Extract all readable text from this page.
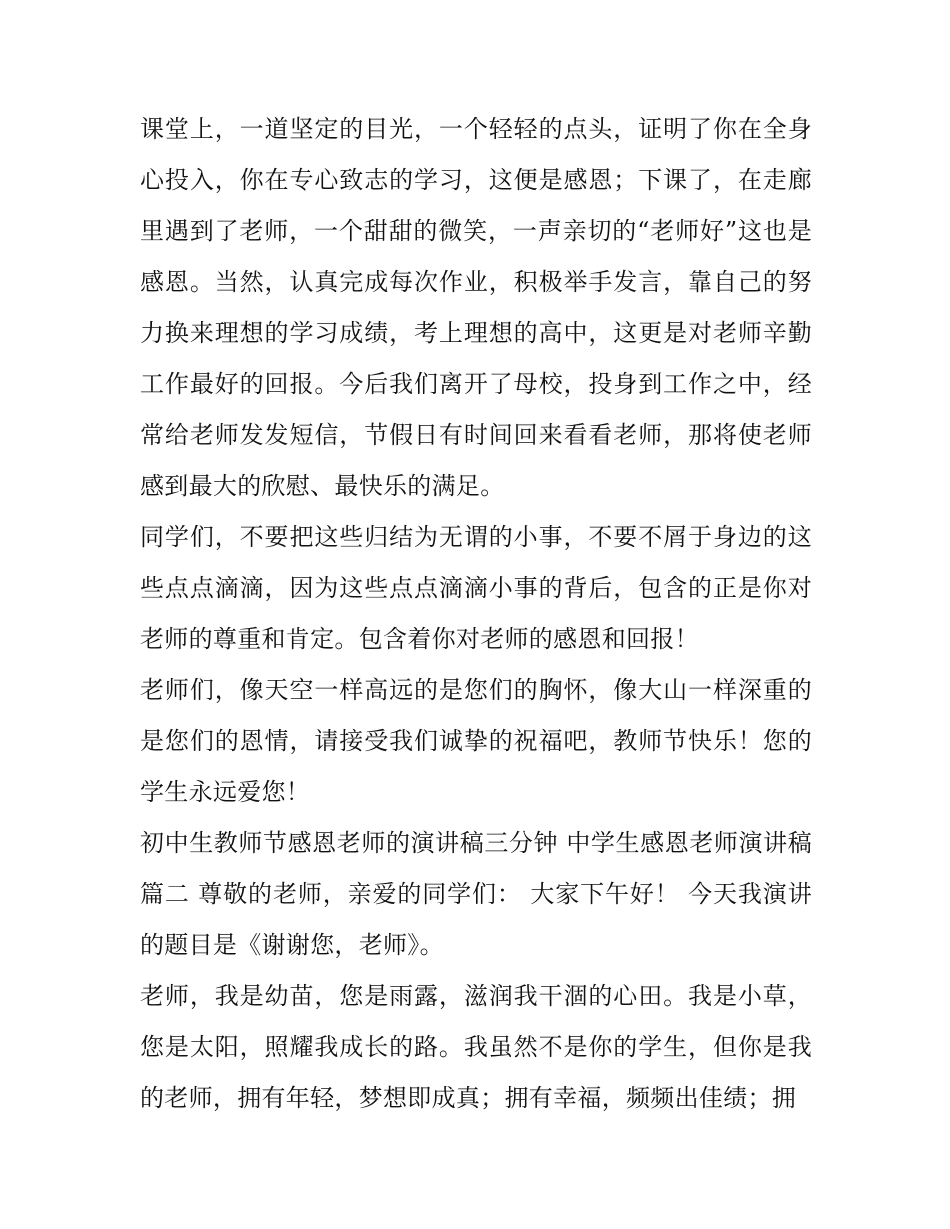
课堂上，一道坚定的目光，一个轻轻的点头，证明了你在全身心投入，你在专心致志的学习，这便是感恩；下课了，在走廊里遇到了老师，一个甜甜的微笑，一声亲切的“老师好”这也是感恩。当然，认真完成每次作业，积极举手发言，靠自己的努力换来理想的学习成绩，考上理想的高中，这更是对老师辛勤工作最好的回报。今后我们离开了母校，投身到工作之中，经常给老师发发短信，节假日有时间回来看看老师，那将使老师感到最大的欣慰、最快乐的满足。

同学们，不要把这些归结为无谓的小事，不要不屑于身边的这些点点滴滴，因为这些点点滴滴小事的背后，包含的正是你对老师的尊重和肯定。包含着你对老师的感恩和回报！

老师们，像天空一样高远的是您们的胸怀，像大山一样深重的是您们的恩情，请接受我们诚挚的祝福吧，教师节快乐！您的学生永远爱您！

初中生教师节感恩老师的演讲稿三分钟 中学生感恩老师演讲稿篇二 尊敬的老师，亲爱的同学们： 大家下午好！ 今天我演讲的题目是《谢谢您，老师》。

老师，我是幼苗，您是雨露，滋润我干涸的心田。我是小草，您是太阳，照耀我成长的路。我虽然不是你的学生，但你是我的老师，拥有年轻，梦想即成真；拥有幸福，频频出佳绩；拥
